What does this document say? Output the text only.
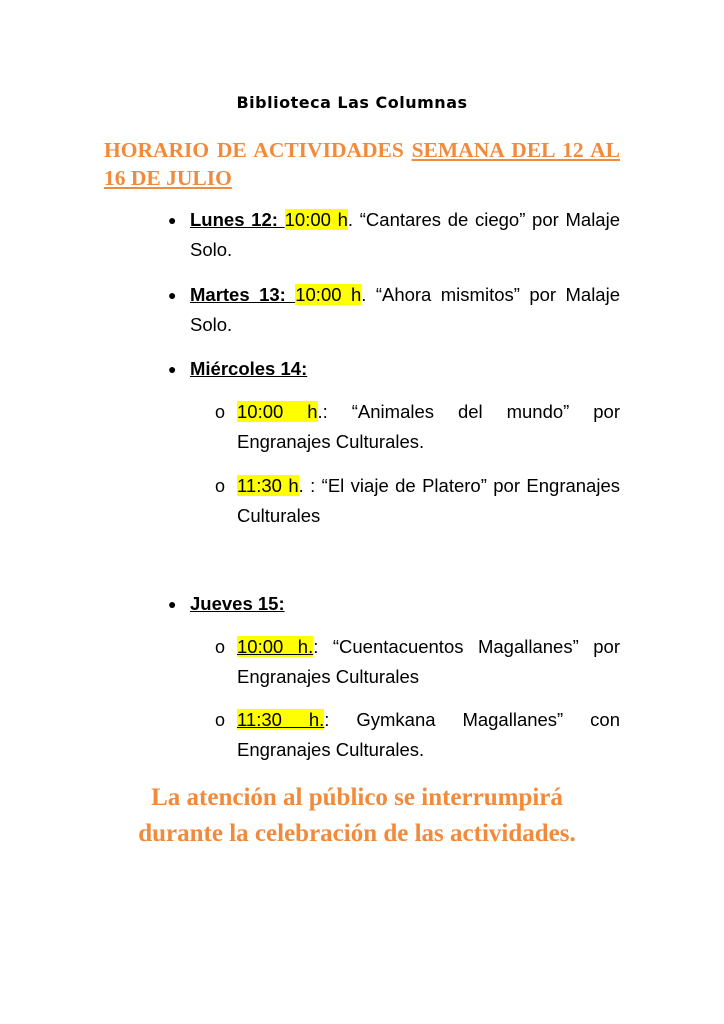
Biblioteca Las Columnas
HORARIO DE ACTIVIDADES SEMANA DEL 12 AL 16 DE JULIO
● Lunes 12: 10:00 h. “Cantares de ciego” por Malaje Solo.
● Martes 13: 10:00 h. “Ahora mismitos” por Malaje Solo.
● Miércoles 14:
o 10:00 h.: “Animales del mundo” por Engranajes Culturales.
o 11:30 h. : “El viaje de Platero” por Engranajes Culturales
● Jueves 15:
o 10:00 h.: “Cuentacuentos Magallanes” por Engranajes Culturales
o 11:30 h.: Gymkana Magallanes” con Engranajes Culturales.
La atención al público se interrumpirá
durante la celebración de las actividades.
